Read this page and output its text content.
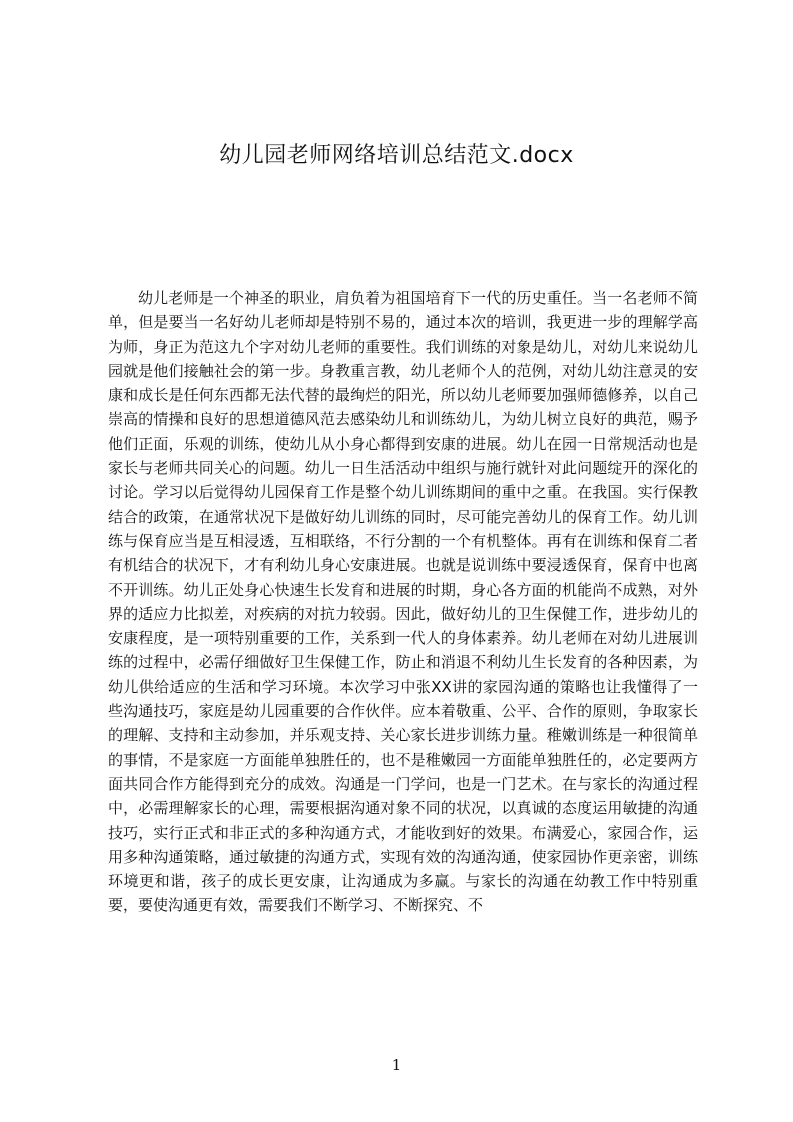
幼儿园老师网络培训总结范文.docx

幼儿老师是一个神圣的职业，肩负着为祖国培育下一代的历史重任。当一名老师不简单，但是要当一名好幼儿老师却是特别不易的，通过本次的培训，我更进一步的理解学高为师，身正为范这九个字对幼儿老师的重要性。我们训练的对象是幼儿，对幼儿来说幼儿园就是他们接触社会的第一步。身教重言教，幼儿老师个人的范例，对幼儿幼注意灵的安康和成长是任何东西都无法代替的最绚烂的阳光，所以幼儿老师要加强师德修养，以自己崇高的情操和良好的思想道德风范去感染幼儿和训练幼儿，为幼儿树立良好的典范，赐予他们正面，乐观的训练，使幼儿从小身心都得到安康的进展。幼儿在园一日常规活动也是家长与老师共同关心的问题。幼儿一日生活活动中组织与施行就针对此问题绽开的深化的讨论。学习以后觉得幼儿园保育工作是整个幼儿训练期间的重中之重。在我国。实行保教结合的政策，在通常状况下是做好幼儿训练的同时，尽可能完善幼儿的保育工作。幼儿训练与保育应当是互相浸透，互相联络，不行分割的一个有机整体。再有在训练和保育二者有机结合的状况下，才有利幼儿身心安康进展。也就是说训练中要浸透保育，保育中也离不开训练。幼儿正处身心快速生长发育和进展的时期，身心各方面的机能尚不成熟，对外界的适应力比拟差，对疾病的对抗力较弱。因此，做好幼儿的卫生保健工作，进步幼儿的安康程度，是一项特别重要的工作，关系到一代人的身体素养。幼儿老师在对幼儿进展训练的过程中，必需仔细做好卫生保健工作，防止和消退不利幼儿生长发育的各种因素，为幼儿供给适应的生活和学习环境。本次学习中张XX讲的家园沟通的策略也让我懂得了一些沟通技巧，家庭是幼儿园重要的合作伙伴。应本着敬重、公平、合作的原则，争取家长的理解、支持和主动参加，并乐观支持、关心家长进步训练力量。稚嫩训练是一种很简单的事情，不是家庭一方面能单独胜任的，也不是稚嫩园一方面能单独胜任的，必定要两方面共同合作方能得到充分的成效。沟通是一门学问，也是一门艺术。在与家长的沟通过程中，必需理解家长的心理，需要根据沟通对象不同的状况，以真诚的态度运用敏捷的沟通技巧，实行正式和非正式的多种沟通方式，才能收到好的效果。布满爱心，家园合作，运用多种沟通策略，通过敏捷的沟通方式，实现有效的沟通沟通，使家园协作更亲密，训练环境更和谐，孩子的成长更安康，让沟通成为多赢。与家长的沟通在幼教工作中特别重要，要使沟通更有效，需要我们不断学习、不断探究、不

1
